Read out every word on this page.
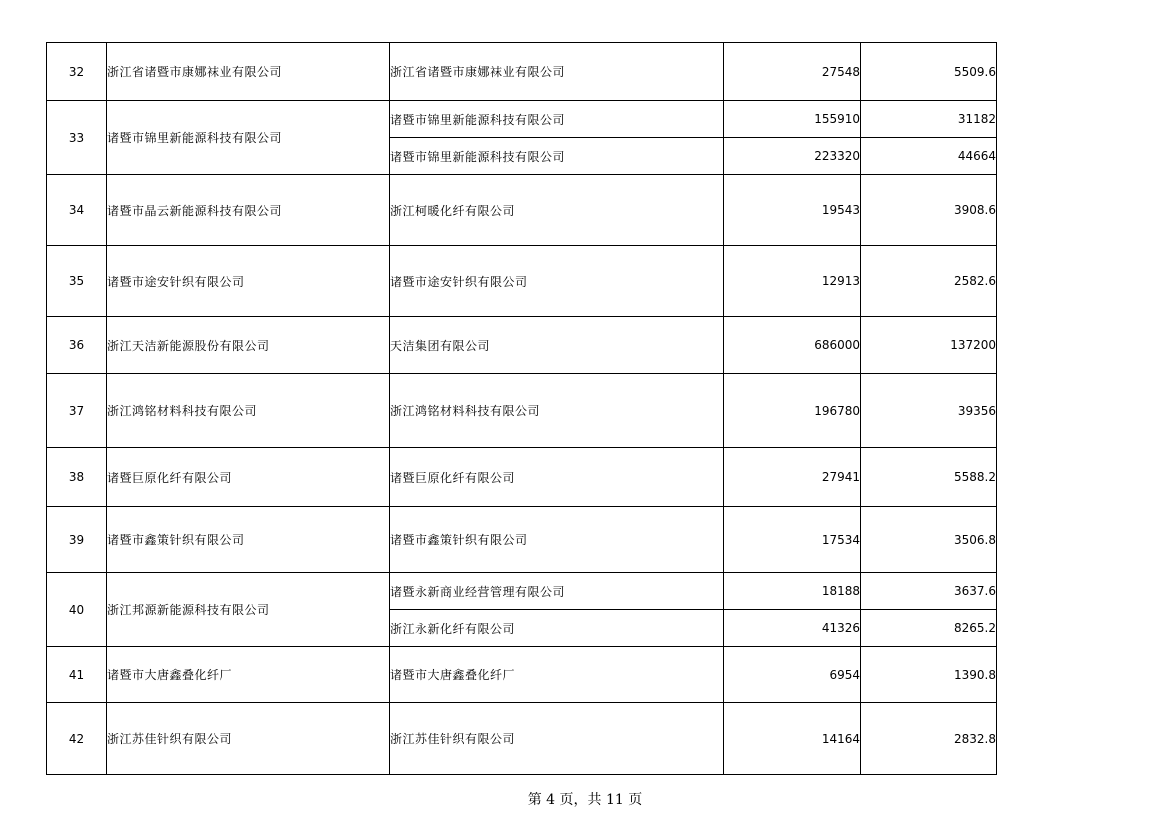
32	浙江省诸暨市康娜袜业有限公司	浙江省诸暨市康娜袜业有限公司	27548	5509.6
33	诸暨市锦里新能源科技有限公司	诸暨市锦里新能源科技有限公司	155910	31182
		诸暨市锦里新能源科技有限公司	223320	44664
34	诸暨市晶云新能源科技有限公司	浙江柯暖化纤有限公司	19543	3908.6
35	诸暨市途安针织有限公司	诸暨市途安针织有限公司	12913	2582.6
36	浙江天洁新能源股份有限公司	天洁集团有限公司	686000	137200
37	浙江鸿铭材料科技有限公司	浙江鸿铭材料科技有限公司	196780	39356
38	诸暨巨原化纤有限公司	诸暨巨原化纤有限公司	27941	5588.2
39	诸暨市鑫策针织有限公司	诸暨市鑫策针织有限公司	17534	3506.8
40	浙江邦源新能源科技有限公司	诸暨永新商业经营管理有限公司	18188	3637.6
		浙江永新化纤有限公司	41326	8265.2
41	诸暨市大唐鑫叠化纤厂	诸暨市大唐鑫叠化纤厂	6954	1390.8
42	浙江苏佳针织有限公司	浙江苏佳针织有限公司	14164	2832.8
第 4 页，共 11 页
